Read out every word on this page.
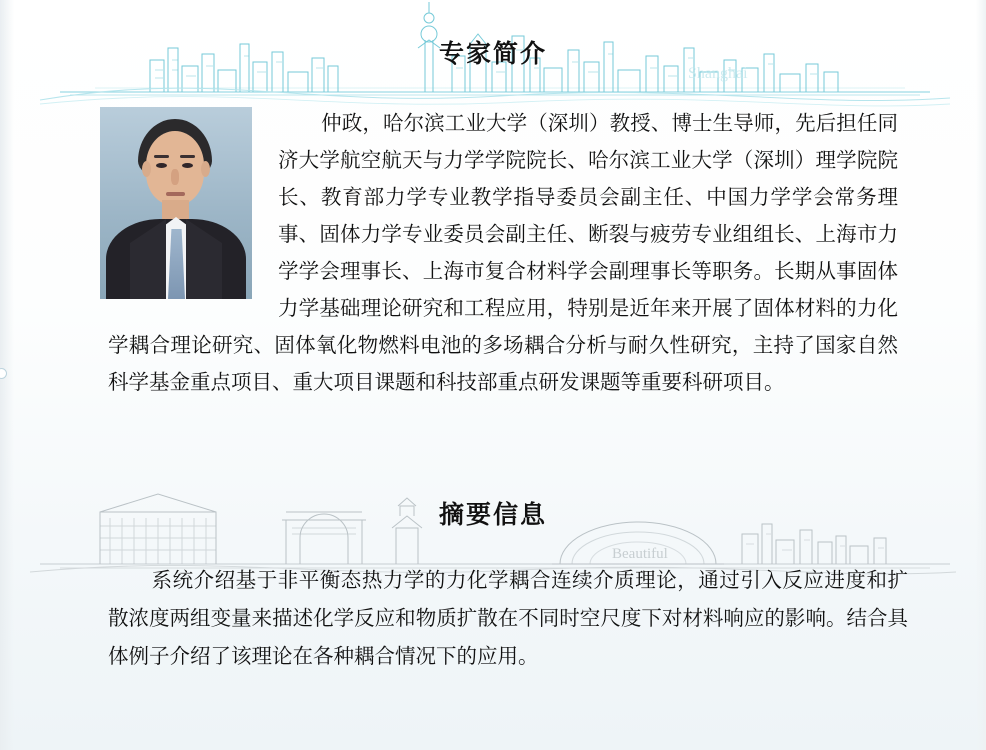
Shanghai
专家简介
仲政，哈尔滨工业大学（深圳）教授、博士生导师，先后担任同济大学航空航天与力学学院院长、哈尔滨工业大学（深圳）理学院院长、教育部力学专业教学指导委员会副主任、中国力学学会常务理事、固体力学专业委员会副主任、断裂与疲劳专业组组长、上海市力学学会理事长、上海市复合材料学会副理事长等职务。长期从事固体力学基础理论研究和工程应用，特别是近年来开展了固体材料的力化学耦合理论研究、固体氧化物燃料电池的多场耦合分析与耐久性研究，主持了国家自然科学基金重点项目、重大项目课题和科技部重点研发课题等重要科研项目。
Beautiful
摘要信息
系统介绍基于非平衡态热力学的力化学耦合连续介质理论，通过引入反应进度和扩散浓度两组变量来描述化学反应和物质扩散在不同时空尺度下对材料响应的影响。结合具体例子介绍了该理论在各种耦合情况下的应用。
